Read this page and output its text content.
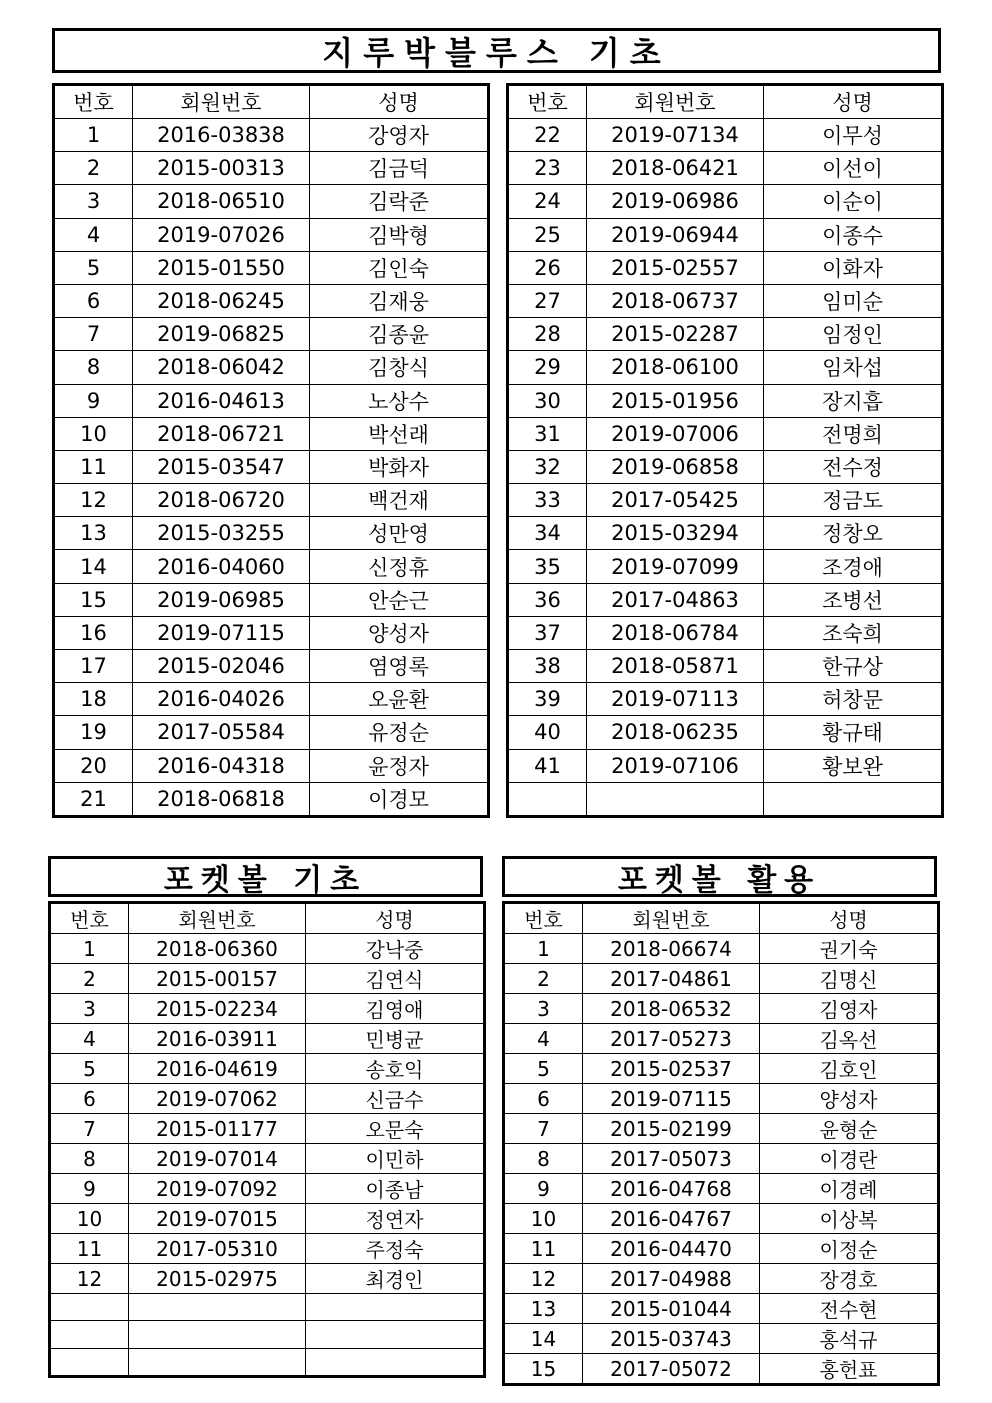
지루박블루스 기초
번호	회원번호	성명
1	2016-03838	강영자
2	2015-00313	김금덕
3	2018-06510	김락준
4	2019-07026	김박형
5	2015-01550	김인숙
6	2018-06245	김재웅
7	2019-06825	김종윤
8	2018-06042	김창식
9	2016-04613	노상수
10	2018-06721	박선래
11	2015-03547	박화자
12	2018-06720	백건재
13	2015-03255	성만영
14	2016-04060	신정휴
15	2019-06985	안순근
16	2019-07115	양성자
17	2015-02046	염영록
18	2016-04026	오윤환
19	2017-05584	유정순
20	2016-04318	윤정자
21	2018-06818	이경모
번호	회원번호	성명
22	2019-07134	이무성
23	2018-06421	이선이
24	2019-06986	이순이
25	2019-06944	이종수
26	2015-02557	이화자
27	2018-06737	임미순
28	2015-02287	임정인
29	2018-06100	임차섭
30	2015-01956	장지흡
31	2019-07006	전명희
32	2019-06858	전수정
33	2017-05425	정금도
34	2015-03294	정창오
35	2019-07099	조경애
36	2017-04863	조병선
37	2018-06784	조숙희
38	2018-05871	한규상
39	2019-07113	허창문
40	2018-06235	황규태
41	2019-07106	황보완

포켓볼 기초
번호	회원번호	성명
1	2018-06360	강낙중
2	2015-00157	김연식
3	2015-02234	김영애
4	2016-03911	민병균
5	2016-04619	송호익
6	2019-07062	신금수
7	2015-01177	오문숙
8	2019-07014	이민하
9	2019-07092	이종남
10	2019-07015	정연자
11	2017-05310	주정숙
12	2015-02975	최경인

포켓볼 활용
번호	회원번호	성명
1	2018-06674	권기숙
2	2017-04861	김명신
3	2018-06532	김영자
4	2017-05273	김옥선
5	2015-02537	김호인
6	2019-07115	양성자
7	2015-02199	윤형순
8	2017-05073	이경란
9	2016-04768	이경례
10	2016-04767	이상복
11	2016-04470	이정순
12	2017-04988	장경호
13	2015-01044	전수현
14	2015-03743	홍석규
15	2017-05072	홍헌표
